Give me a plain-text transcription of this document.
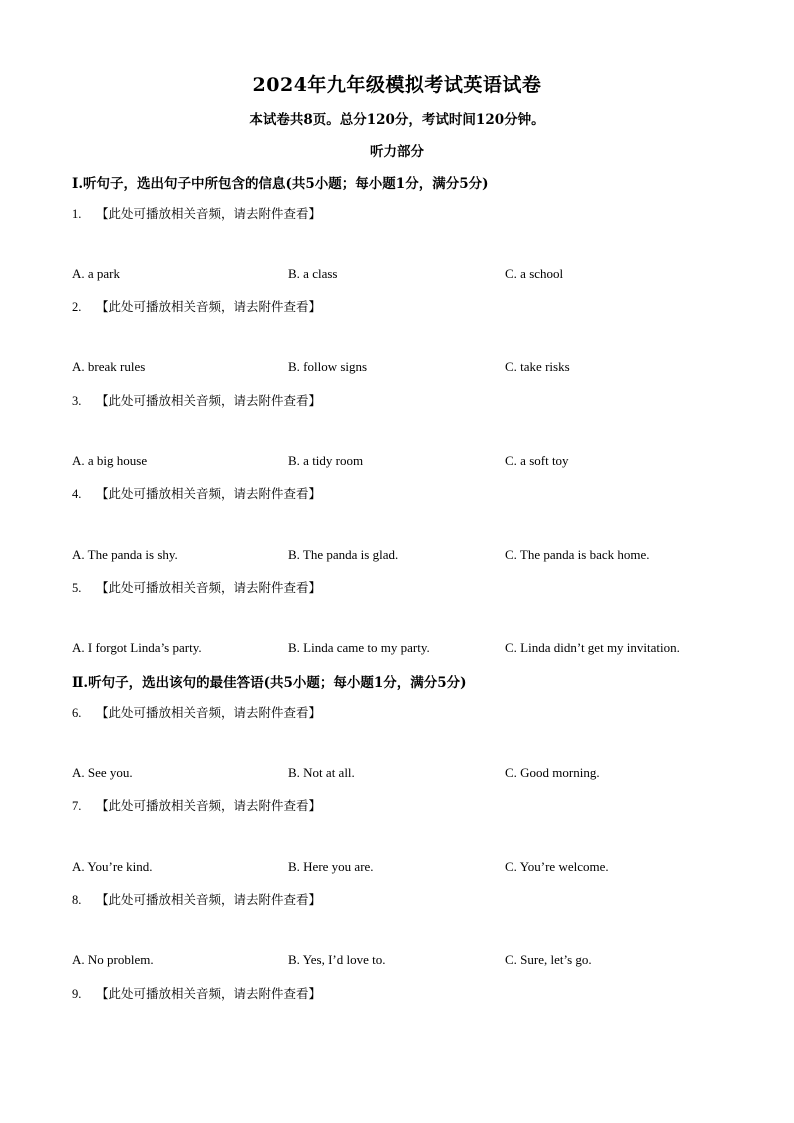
2024年九年级模拟考试英语试卷
本试卷共8页。总分120分，考试时间120分钟。
听力部分
Ⅰ.听句子，选出句子中所包含的信息(共5小题；每小题1分，满分5分)
1. 【此处可播放相关音频，请去附件查看】
A. a park	B. a class	C. a school
2. 【此处可播放相关音频，请去附件查看】
A. break rules	B. follow signs	C. take risks
3. 【此处可播放相关音频，请去附件查看】
A. a big house	B. a tidy room	C. a soft toy
4. 【此处可播放相关音频，请去附件查看】
A. The panda is shy.	B. The panda is glad.	C. The panda is back home.
5. 【此处可播放相关音频，请去附件查看】
A. I forgot Linda’s party.	B. Linda came to my party.	C. Linda didn’t get my invitation.
Ⅱ.听句子，选出该句的最佳答语(共5小题；每小题1分，满分5分)
6. 【此处可播放相关音频，请去附件查看】
A. See you.	B. Not at all.	C. Good morning.
7. 【此处可播放相关音频，请去附件查看】
A. You’re kind.	B. Here you are.	C. You’re welcome.
8. 【此处可播放相关音频，请去附件查看】
A. No problem.	B. Yes, I’d love to.	C. Sure, let’s go.
9. 【此处可播放相关音频，请去附件查看】
